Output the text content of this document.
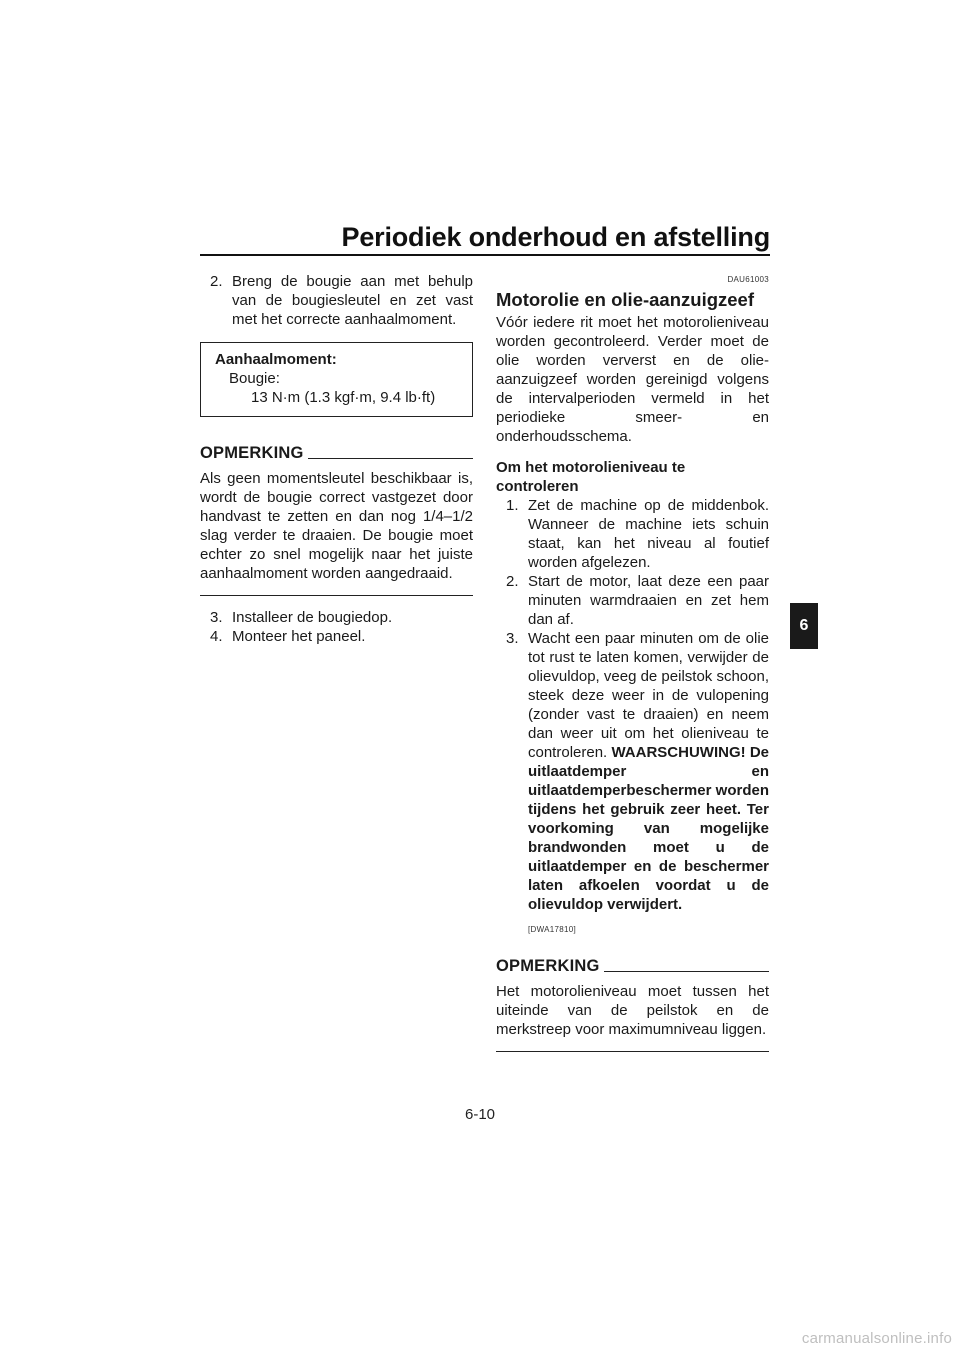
Periodiek onderhoud en afstelling
2. Breng de bougie aan met behulp van de bougiesleutel en zet vast met het correcte aanhaalmoment.
Aanhaalmoment:
Bougie:
13 N·m (1.3 kgf·m, 9.4 lb·ft)
OPMERKING
Als geen momentsleutel beschikbaar is, wordt de bougie correct vastgezet door handvast te zetten en dan nog 1/4–1/2 slag verder te draaien. De bougie moet echter zo snel mogelijk naar het juiste aanhaalmoment worden aangedraaid.
3. Installeer de bougiedop.
4. Monteer het paneel.
DAU61003
Motorolie en olie-aanzuigzeef
Vóór iedere rit moet het motorolieniveau worden gecontroleerd. Verder moet de olie worden ververst en de olie-aanzuigzeef worden gereinigd volgens de intervalperioden vermeld in het periodieke smeer- en onderhoudsschema.
Om het motorolieniveau te controleren
1. Zet de machine op de middenbok. Wanneer de machine iets schuin staat, kan het niveau al foutief worden afgelezen.
2. Start de motor, laat deze een paar minuten warmdraaien en zet hem dan af.
3. Wacht een paar minuten om de olie tot rust te laten komen, verwijder de olievuldop, veeg de peilstok schoon, steek deze weer in de vulopening (zonder vast te draaien) en neem dan weer uit om het olieniveau te controleren. WAARSCHUWING! De uitlaatdemper en uitlaatdemperbeschermer worden tijdens het gebruik zeer heet. Ter voorkoming van mogelijke brandwonden moet u de uitlaatdemper en de beschermer laten afkoelen voordat u de olievuldop verwijdert.
[DWA17810]
OPMERKING
Het motorolieniveau moet tussen het uiteinde van de peilstok en de merkstreep voor maximumniveau liggen.
6
6-10
carmanualsonline.info
